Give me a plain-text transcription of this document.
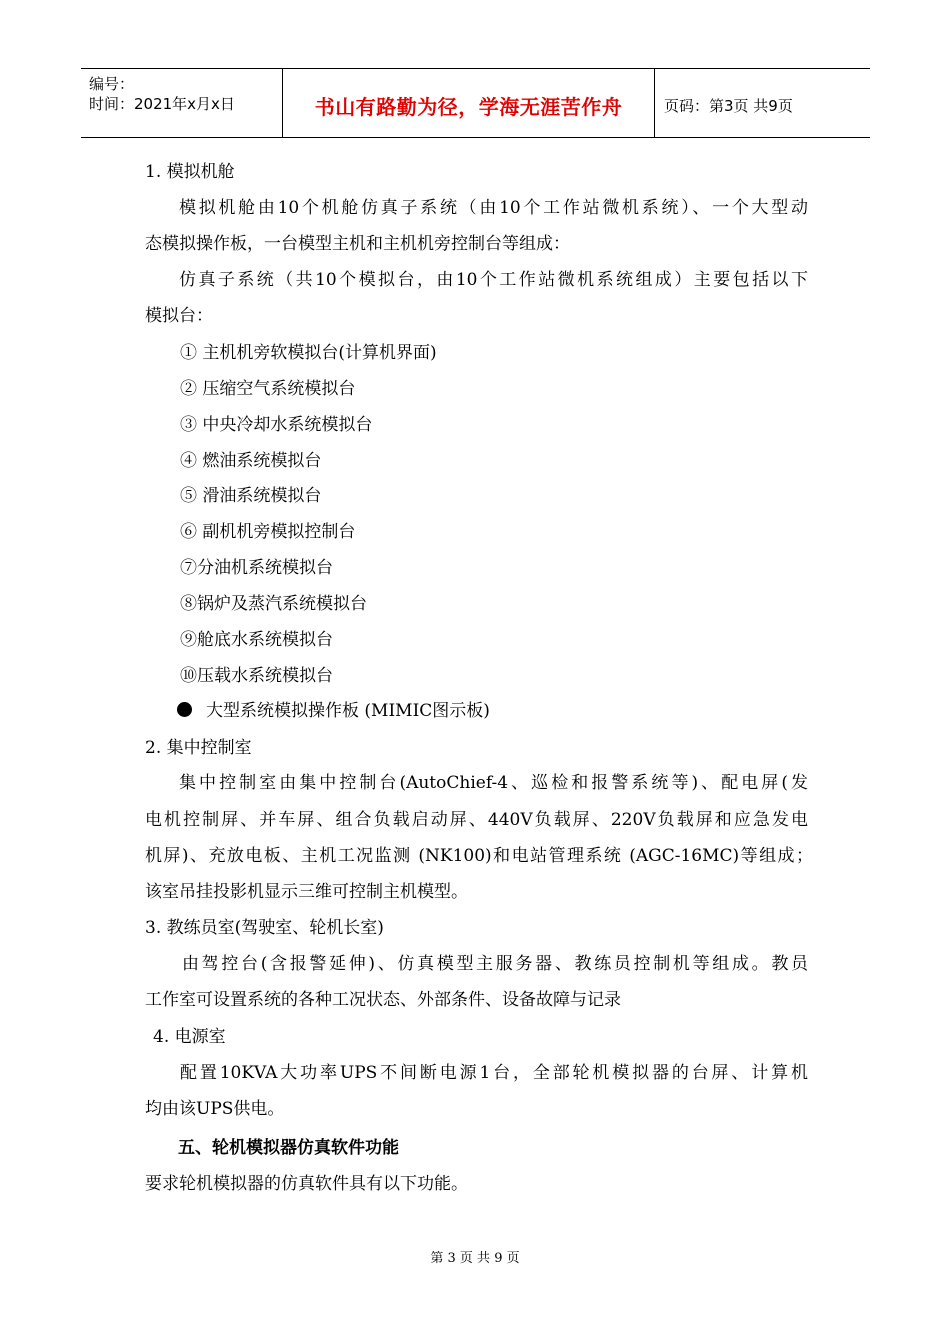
编号：
时间：2021年x月x日	书山有路勤为径，学海无涯苦作舟	页码：第3页 共9页
1. 模拟机舱
模拟机舱由10个机舱仿真子系统（由10个工作站微机系统）、一个大型动
态模拟操作板，一台模型主机和主机机旁控制台等组成：
仿真子系统（共10个模拟台，由10个工作站微机系统组成）主要包括以下
模拟台：
① 主机机旁软模拟台(计算机界面)
② 压缩空气系统模拟台
③ 中央冷却水系统模拟台
④ 燃油系统模拟台
⑤ 滑油系统模拟台
⑥ 副机机旁模拟控制台
⑦分油机系统模拟台
⑧锅炉及蒸汽系统模拟台
⑨舱底水系统模拟台
⑩压载水系统模拟台
大型系统模拟操作板 (MIMIC图示板)
2. 集中控制室
集中控制室由集中控制台(AutoChief-4、巡检和报警系统等)、配电屏(发
电机控制屏、并车屏、组合负载启动屏、440V负载屏、220V负载屏和应急发电
机屏)、充放电板、主机工况监测 (NK100)和电站管理系统 (AGC-16MC)等组成；
该室吊挂投影机显示三维可控制主机模型。
3. 教练员室(驾驶室、轮机长室)
由驾控台(含报警延伸)、仿真模型主服务器、教练员控制机等组成。教员
工作室可设置系统的各种工况状态、外部条件、设备故障与记录
4. 电源室
配置10KVA大功率UPS不间断电源1台，全部轮机模拟器的台屏、计算机
均由该UPS供电。
五、轮机模拟器仿真软件功能
要求轮机模拟器的仿真软件具有以下功能。
第 3 页 共 9 页
